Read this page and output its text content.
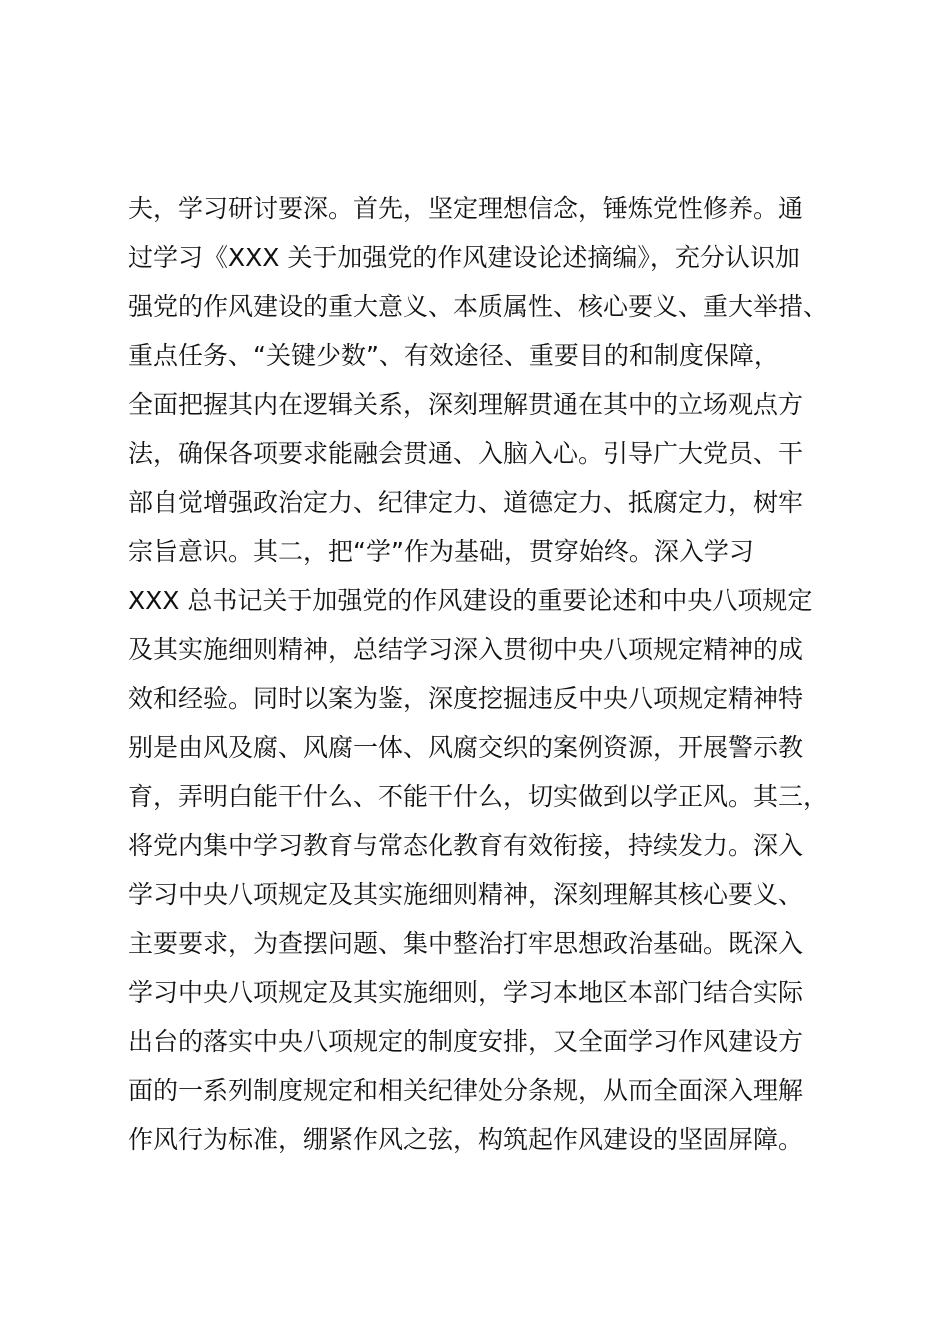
夫，学习研讨要深。首先，坚定理想信念，锤炼党性修养。通
过学习《XXX 关于加强党的作风建设论述摘编》，充分认识加
强党的作风建设的重大意义、本质属性、核心要义、重大举措、
重点任务、“关键少数”、有效途径、重要目的和制度保障，
全面把握其内在逻辑关系，深刻理解贯通在其中的立场观点方
法，确保各项要求能融会贯通、入脑入心。引导广大党员、干
部自觉增强政治定力、纪律定力、道德定力、抵腐定力，树牢
宗旨意识。其二，把“学”作为基础，贯穿始终。深入学习
XXX 总书记关于加强党的作风建设的重要论述和中央八项规定
及其实施细则精神，总结学习深入贯彻中央八项规定精神的成
效和经验。同时以案为鉴，深度挖掘违反中央八项规定精神特
别是由风及腐、风腐一体、风腐交织的案例资源，开展警示教
育，弄明白能干什么、不能干什么，切实做到以学正风。其三，
将党内集中学习教育与常态化教育有效衔接，持续发力。深入
学习中央八项规定及其实施细则精神，深刻理解其核心要义、
主要要求，为查摆问题、集中整治打牢思想政治基础。既深入
学习中央八项规定及其实施细则，学习本地区本部门结合实际
出台的落实中央八项规定的制度安排，又全面学习作风建设方
面的一系列制度规定和相关纪律处分条规，从而全面深入理解
作风行为标准，绷紧作风之弦，构筑起作风建设的坚固屏障。
